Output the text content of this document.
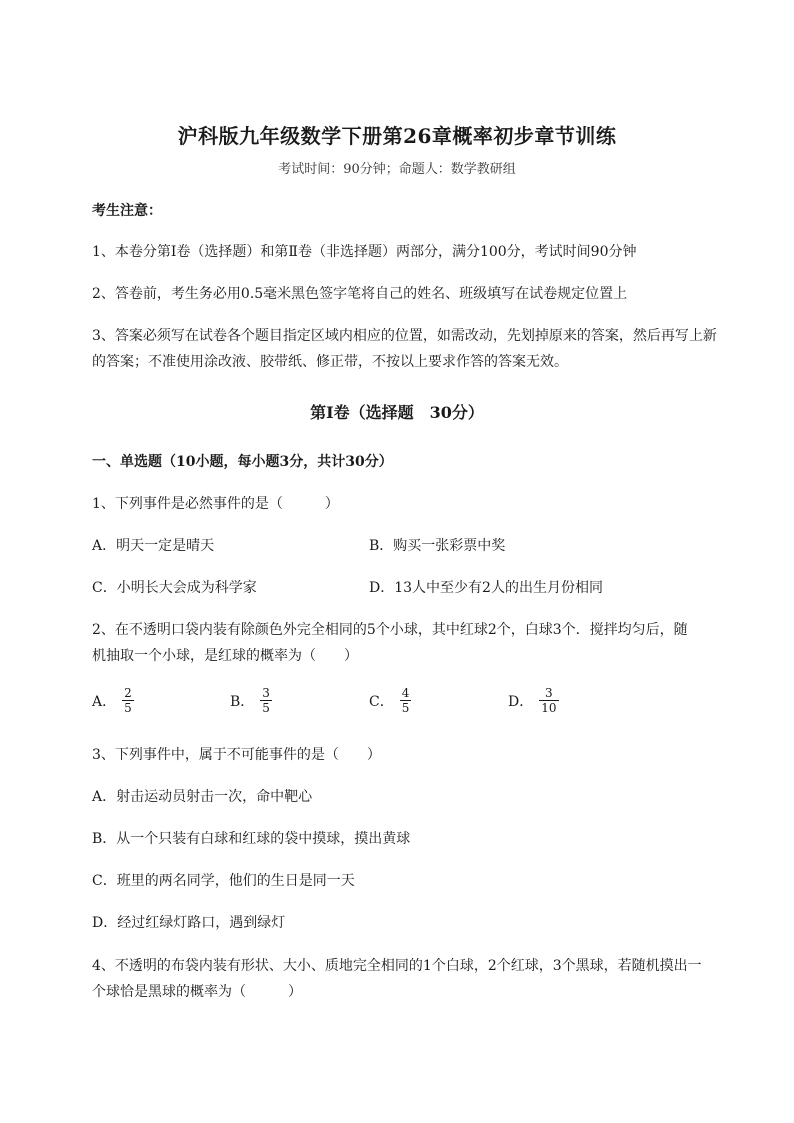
沪科版九年级数学下册第26章概率初步章节训练
考试时间：90分钟；命题人：数学教研组
考生注意：
1、本卷分第Ⅰ卷（选择题）和第Ⅱ卷（非选择题）两部分，满分100分，考试时间90分钟
2、答卷前，考生务必用0.5毫米黑色签字笔将自己的姓名、班级填写在试卷规定位置上
3、答案必须写在试卷各个题目指定区域内相应的位置，如需改动，先划掉原来的答案，然后再写上新
的答案；不准使用涂改液、胶带纸、修正带，不按以上要求作答的答案无效。
第Ⅰ卷（选择题　30分）
一、单选题（10小题，每小题3分，共计30分）
1、下列事件是必然事件的是（　　　）
A．明天一定是晴天	B．购买一张彩票中奖
C．小明长大会成为科学家	D．13人中至少有2人的出生月份相同
2、在不透明口袋内装有除颜色外完全相同的5个小球，其中红球2个，白球3个．搅拌均匀后，随
机抽取一个小球，是红球的概率为（　　）
A． $\frac{2}{5}$	B． $\frac{3}{5}$	C． $\frac{4}{5}$	D． $\frac{3}{10}$
3、下列事件中，属于不可能事件的是（　　）
A．射击运动员射击一次，命中靶心
B．从一个只装有白球和红球的袋中摸球，摸出黄球
C．班里的两名同学，他们的生日是同一天
D．经过红绿灯路口，遇到绿灯
4、不透明的布袋内装有形状、大小、质地完全相同的1个白球，2个红球，3个黑球，若随机摸出一
个球恰是黑球的概率为（　　　）
